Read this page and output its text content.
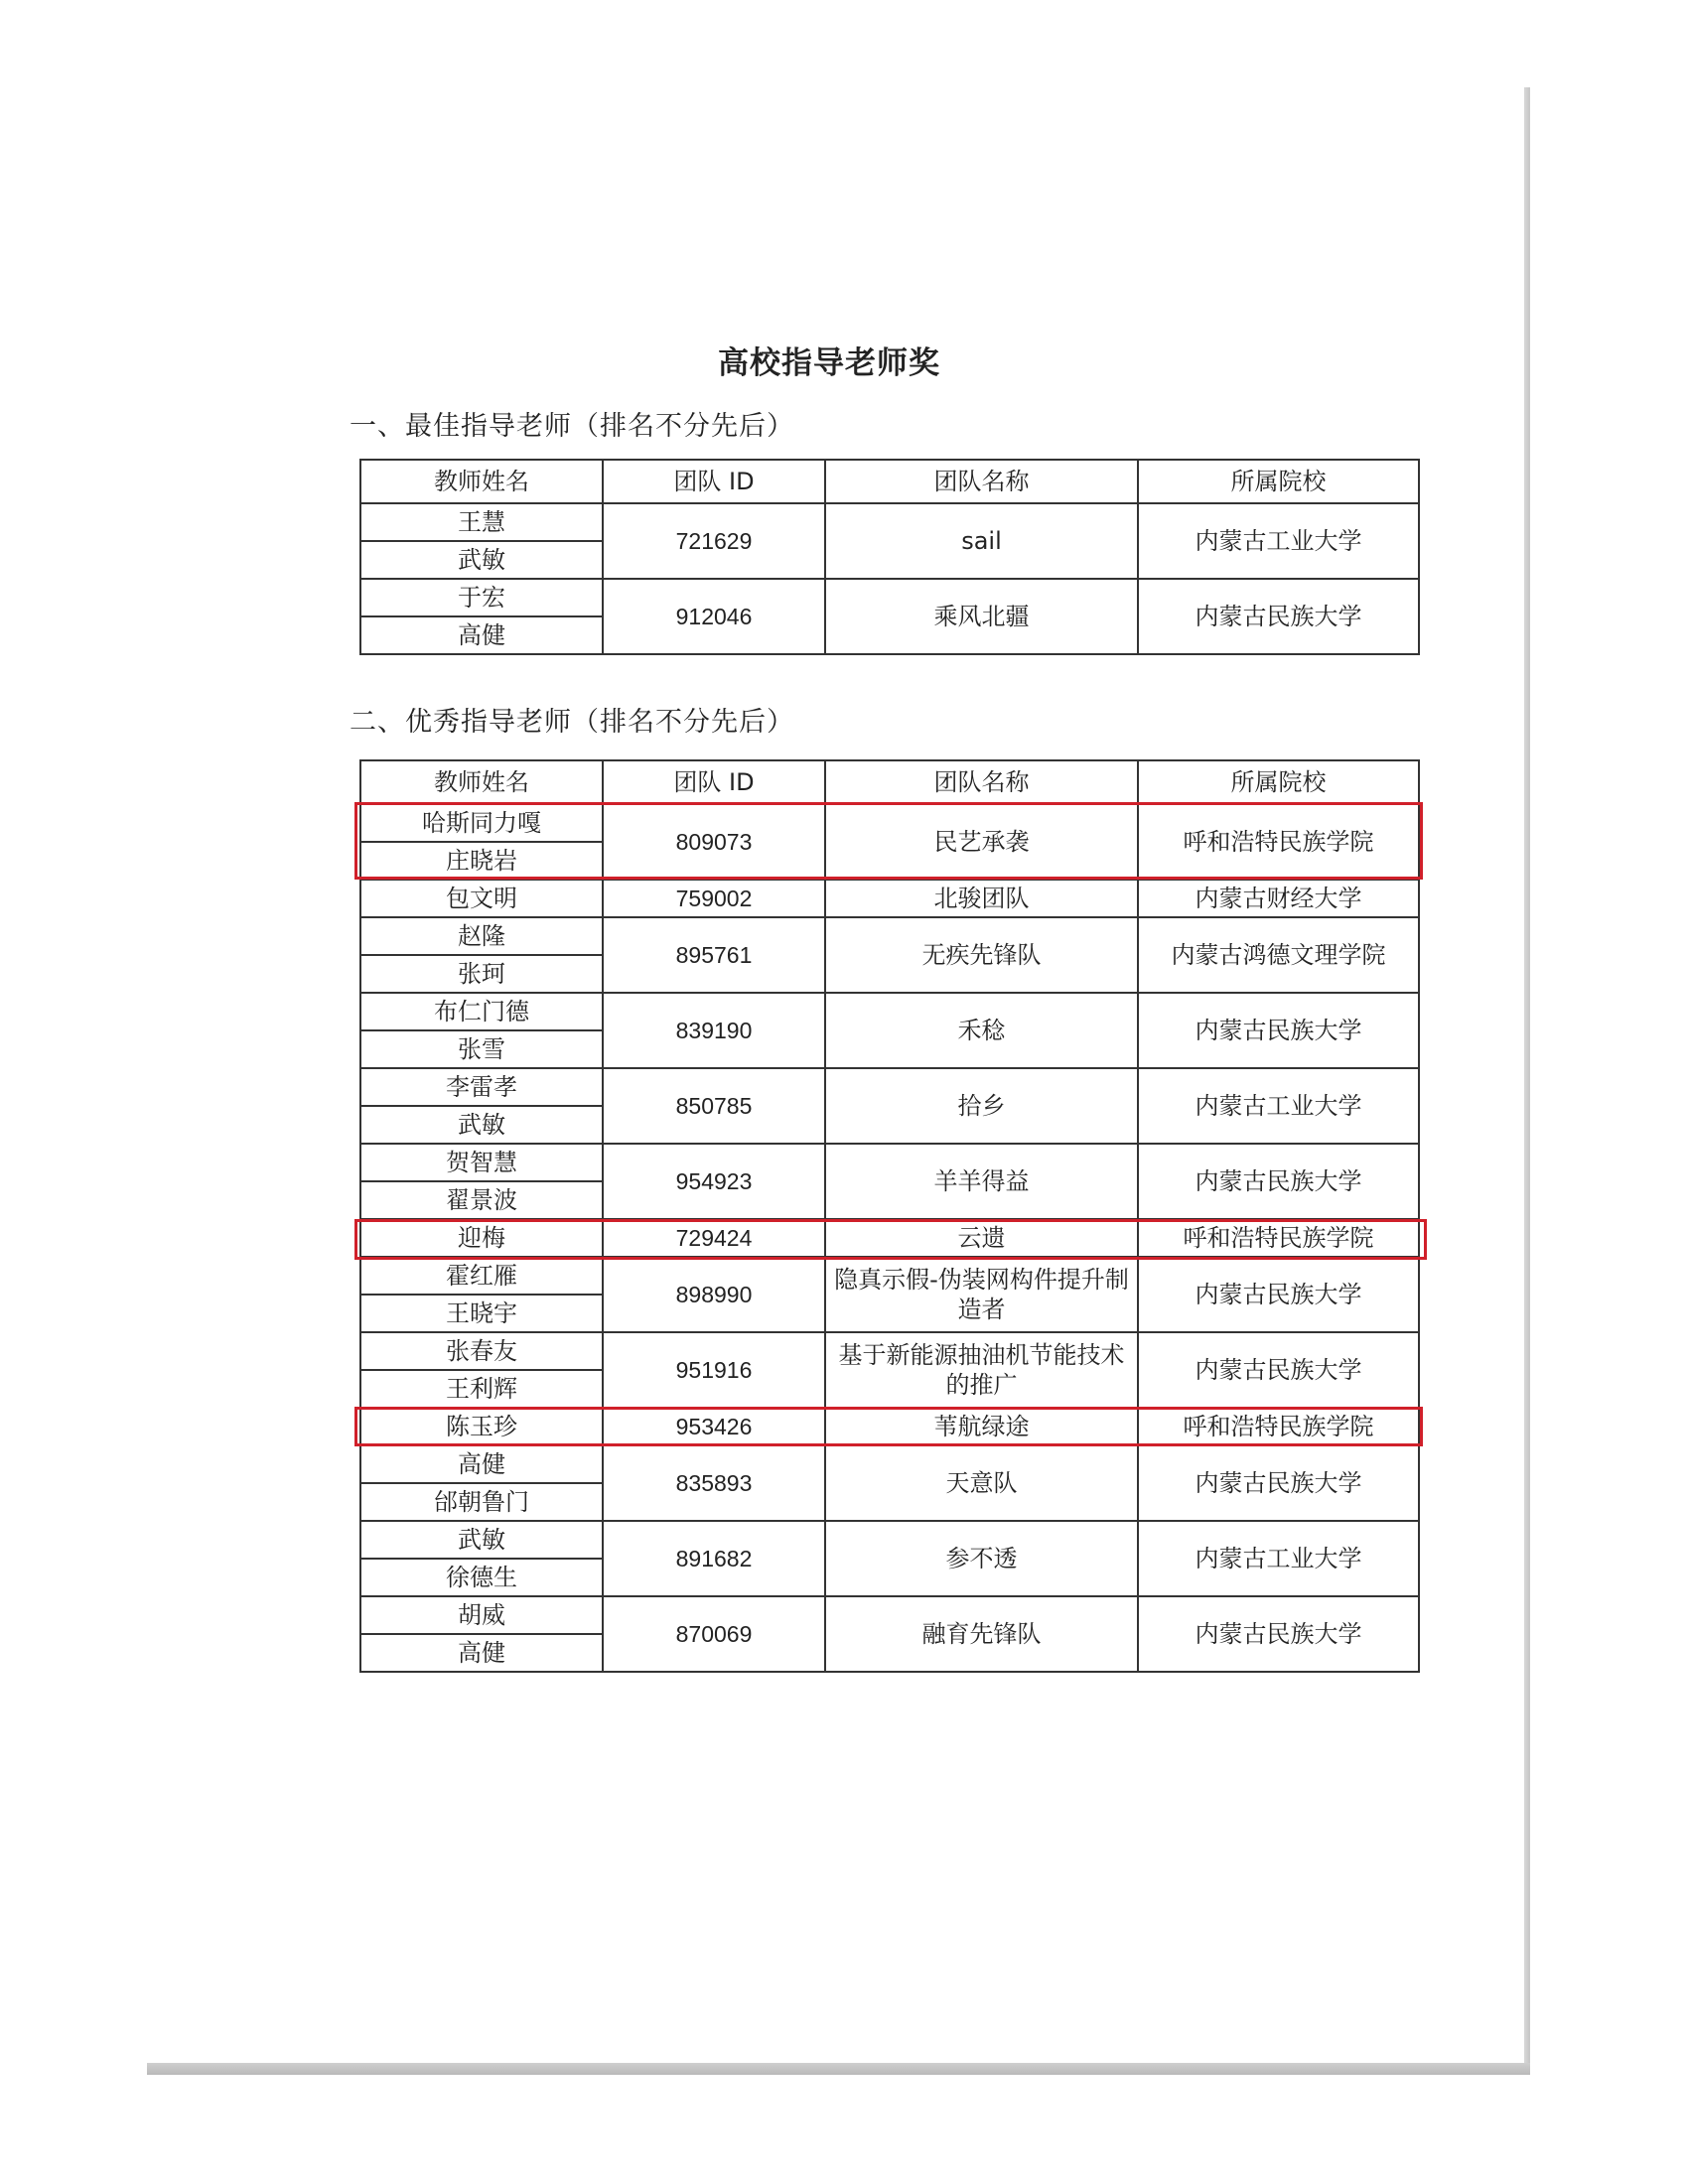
高校指导老师奖
一、最佳指导老师（排名不分先后）
教师姓名	团队 ID	团队名称	所属院校
王慧	721629	sail	内蒙古工业大学
武敏			
于宏	912046	乘风北疆	内蒙古民族大学
高健			
二、优秀指导老师（排名不分先后）
教师姓名	团队 ID	团队名称	所属院校
哈斯同力嘎	809073	民艺承袭	呼和浩特民族学院
庄晓岩			
包文明	759002	北骏团队	内蒙古财经大学
赵隆	895761	无疾先锋队	内蒙古鸿德文理学院
张珂			
布仁门德	839190	禾稔	内蒙古民族大学
张雪			
李雷孝	850785	拾乡	内蒙古工业大学
武敏			
贺智慧	954923	羊羊得益	内蒙古民族大学
翟景波			
迎梅	729424	云遗	呼和浩特民族学院
霍红雁	898990	隐真示假-伪装网构件提升制造者	内蒙古民族大学
王晓宇			
张春友	951916	基于新能源抽油机节能技术的推广	内蒙古民族大学
王利辉			
陈玉珍	953426	苇航绿途	呼和浩特民族学院
高健	835893	天意队	内蒙古民族大学
邰朝鲁门			
武敏	891682	参不透	内蒙古工业大学
徐德生			
胡威	870069	融育先锋队	内蒙古民族大学
高健			
